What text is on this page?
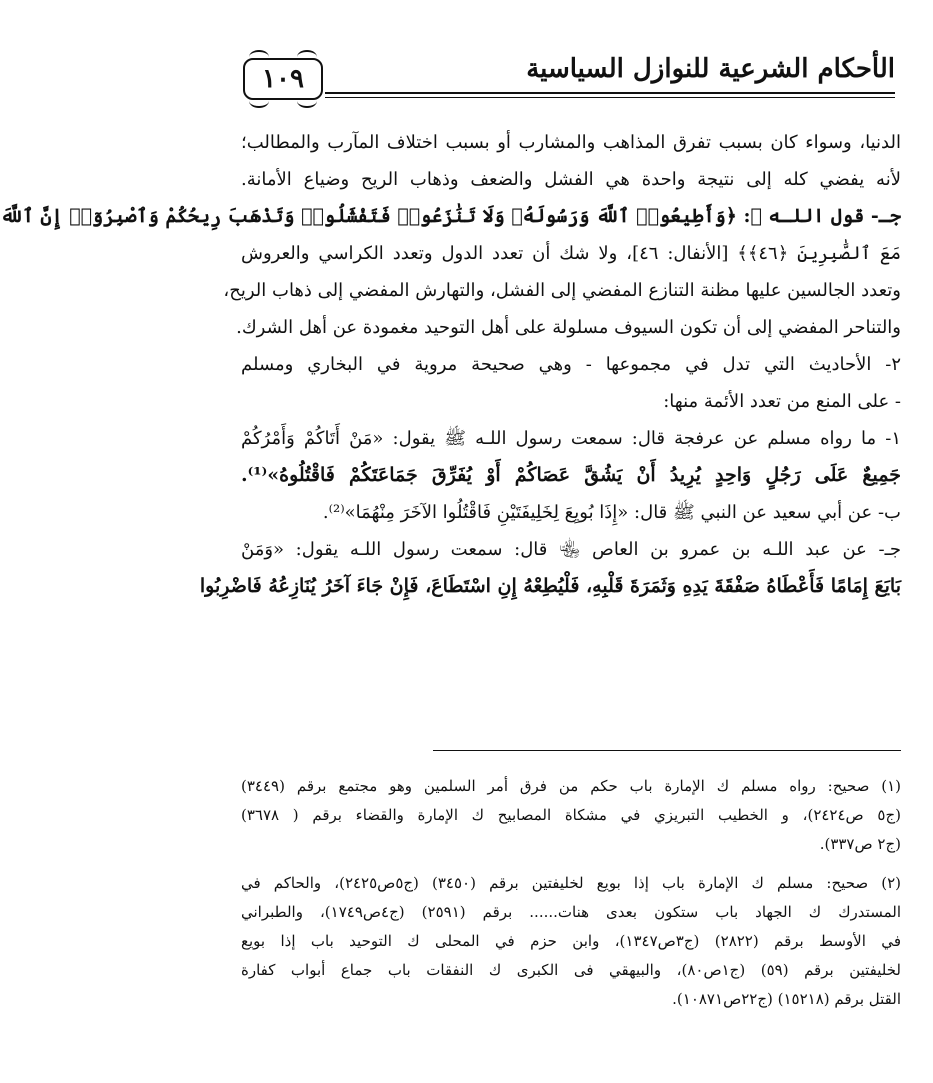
الأحكام الشرعية للنوازل السياسية
١٠٩
الدنيا، وسواء كان بسبب تفرق المذاهب والمشارب أو بسبب اختلاف المآرب والمطالب؛
لأنه يفضي كله إلى نتيجة واحدة هي الفشل والضعف وذهاب الريح وضياع الأمانة.
جـ- قول اللـه ﷻ: ﴿وَأَطِيعُوا۟ ٱللَّهَ وَرَسُولَهُۥ وَلَا تَنَٰزَعُوا۟ فَتَفْشَلُوا۟ وَتَذْهَبَ رِيحُكُمْ وَٱصْبِرُوٓا۟ إِنَّ ٱللَّهَ
مَعَ ٱلصَّٰبِرِينَ ﴿٤٦﴾﴾ [الأنفال: ٤٦]، ولا شك أن تعدد الدول وتعدد الكراسي والعروش
وتعدد الجالسين عليها مظنة التنازع المفضي إلى الفشل، والتهارش المفضي إلى ذهاب الريح،
والتناحر المفضي إلى أن تكون السيوف مسلولة على أهل التوحيد مغمودة عن أهل الشرك.
٢- الأحاديث التي تدل في مجموعها - وهي صحيحة مروية في البخاري ومسلم
- على المنع من تعدد الأئمة منها:
١- ما رواه مسلم عن عرفجة قال: سمعت رسول اللـه ﷺ يقول: «مَنْ أَتَاكُمْ وَأَمْرُكُمْ
جَمِيعٌ عَلَى رَجُلٍ وَاحِدٍ يُرِيدُ أَنْ يَشُقَّ عَصَاكُمْ أَوْ يُفَرِّقَ جَمَاعَتَكُمْ فَاقْتُلُوهُ»⁽¹⁾.
ب- عن أبي سعيد عن النبي ﷺ قال: «إِذَا بُويِعَ لِخَلِيفَتَيْنِ فَاقْتُلُوا الآخَرَ مِنْهُمَا»⁽²⁾.
جـ- عن عبد اللـه بن عمرو بن العاص ﵄ قال: سمعت رسول اللـه يقول: «وَمَنْ
بَايَعَ إِمَامًا فَأَعْطَاهُ صَفْقَةَ يَدِهِ وَثَمَرَةَ قَلْبِهِ، فَلْيُطِعْهُ إِنِ اسْتَطَاعَ، فَإِنْ جَاءَ آخَرُ يُنَازِعُهُ فَاضْرِبُوا
(١) صحيح: رواه مسلم ك الإمارة باب حكم من فرق أمر السلمين وهو مجتمع برقم (٣٤٤٩)
(ج٥ ص٢٤٢٤)، و الخطيب التبريزي في مشكاة المصابيح ك الإمارة والقضاء برقم ( ٣٦٧٨)
(ج٢ ص٣٣٧).
(٢) صحيح: مسلم ك الإمارة باب إذا بويع لخليفتين برقم (٣٤٥٠) (ج٥ص٢٤٢٥)، والحاكم في
المستدرك ك الجهاد باب ستكون بعدى هنات...... برقم (٢٥٩١) (ج٤ص١٧٤٩)، والطبراني
في الأوسط برقم (٢٨٢٢) (ج٣ص١٣٤٧)، وابن حزم في المحلى ك التوحيد باب إذا بويع
لخليفتين برقم (٥٩) (ج١ص٨٠)، والبيهقي فى الكبرى ك النفقات باب جماع أبواب كفارة
القتل برقم (١٥٢١٨) (ج٢٢ص١٠٨٧١).
